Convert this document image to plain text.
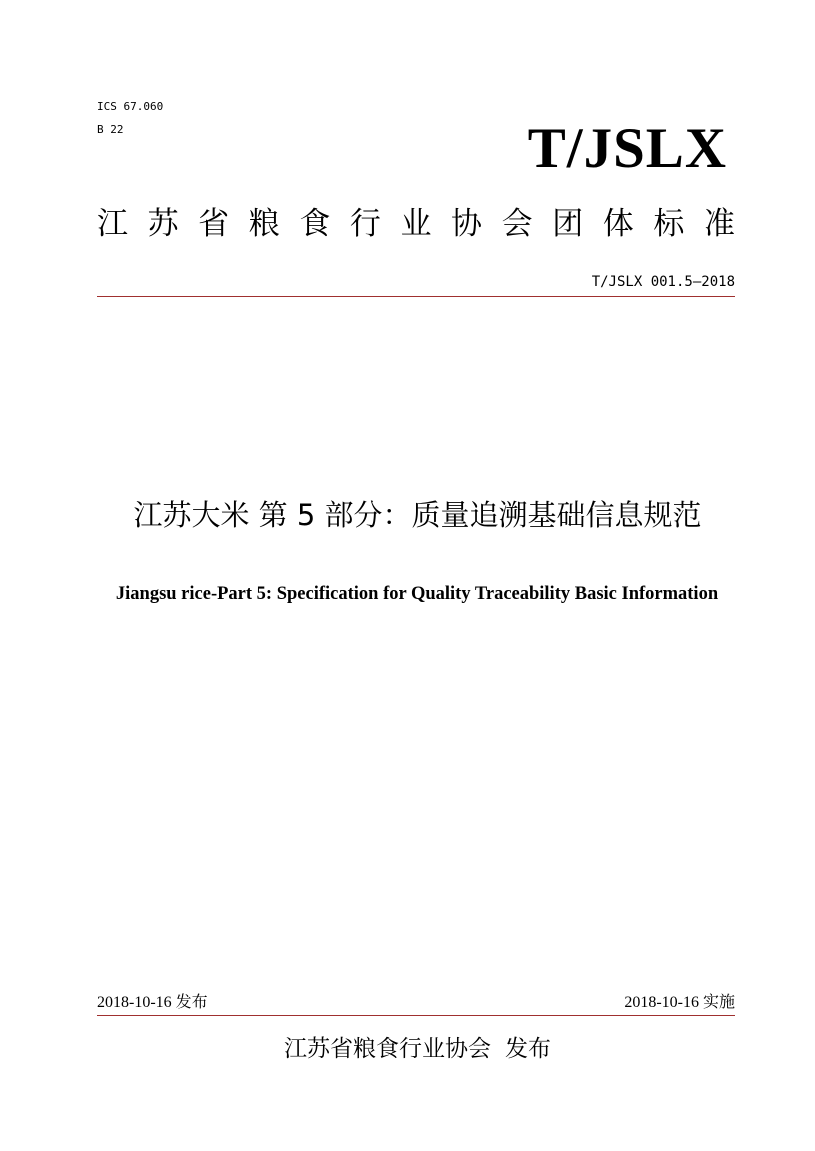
ICS 67.060
B 22	T/JSLX
江 苏 省 粮 食 行 业 协 会 团 体 标 准
T/JSLX 001.5—2018
江苏大米 第 5 部分：质量追溯基础信息规范
Jiangsu rice-Part 5: Specification for Quality Traceability Basic Information
2018-10-16 发布	2018-10-16 实施
江苏省粮食行业协会 发布
